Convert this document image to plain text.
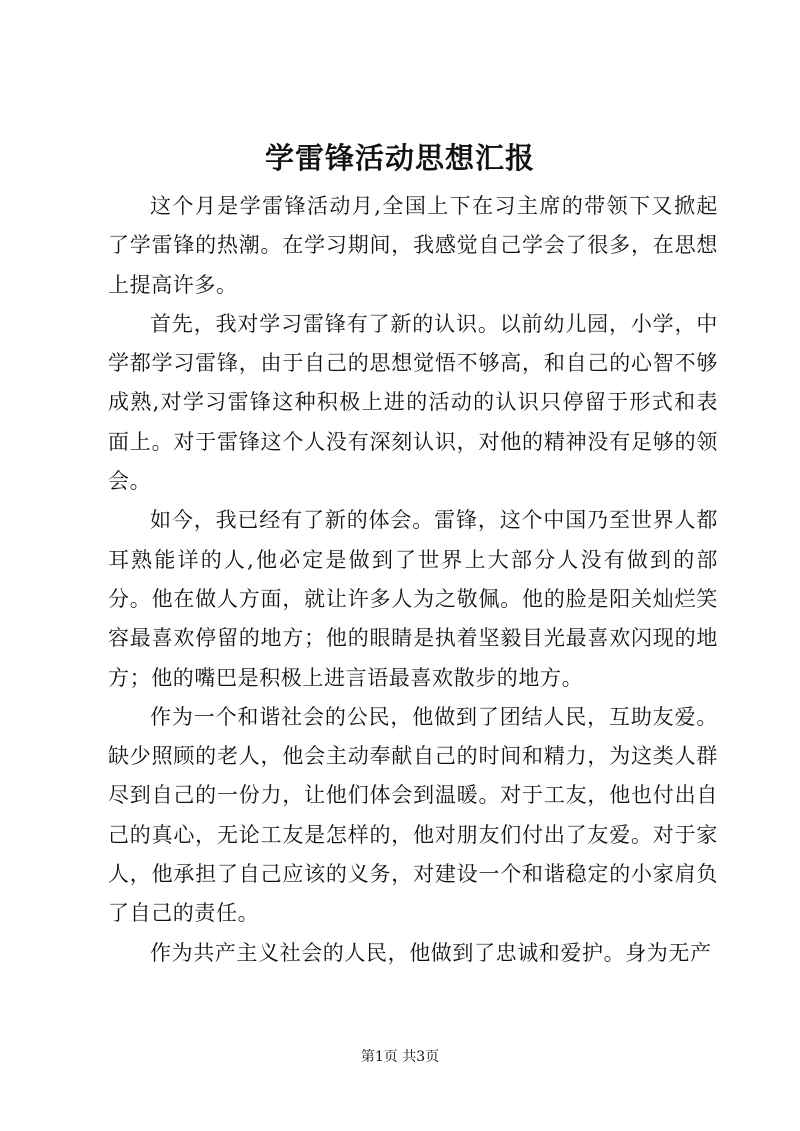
学雷锋活动思想汇报

这个月是学雷锋活动月,全国上下在习主席的带领下又掀起了学雷锋的热潮。在学习期间，我感觉自己学会了很多，在思想上提高许多。

首先，我对学习雷锋有了新的认识。以前幼儿园，小学，中学都学习雷锋，由于自己的思想觉悟不够高，和自己的心智不够成熟,对学习雷锋这种积极上进的活动的认识只停留于形式和表面上。对于雷锋这个人没有深刻认识，对他的精神没有足够的领会。

如今，我已经有了新的体会。雷锋，这个中国乃至世界人都耳熟能详的人,他必定是做到了世界上大部分人没有做到的部分。他在做人方面，就让许多人为之敬佩。他的脸是阳关灿烂笑容最喜欢停留的地方；他的眼睛是执着坚毅目光最喜欢闪现的地方；他的嘴巴是积极上进言语最喜欢散步的地方。

作为一个和谐社会的公民，他做到了团结人民，互助友爱。缺少照顾的老人，他会主动奉献自己的时间和精力，为这类人群尽到自己的一份力，让他们体会到温暖。对于工友，他也付出自己的真心，无论工友是怎样的，他对朋友们付出了友爱。对于家人，他承担了自己应该的义务，对建设一个和谐稳定的小家肩负了自己的责任。

作为共产主义社会的人民，他做到了忠诚和爱护。身为无产

第1页 共3页
